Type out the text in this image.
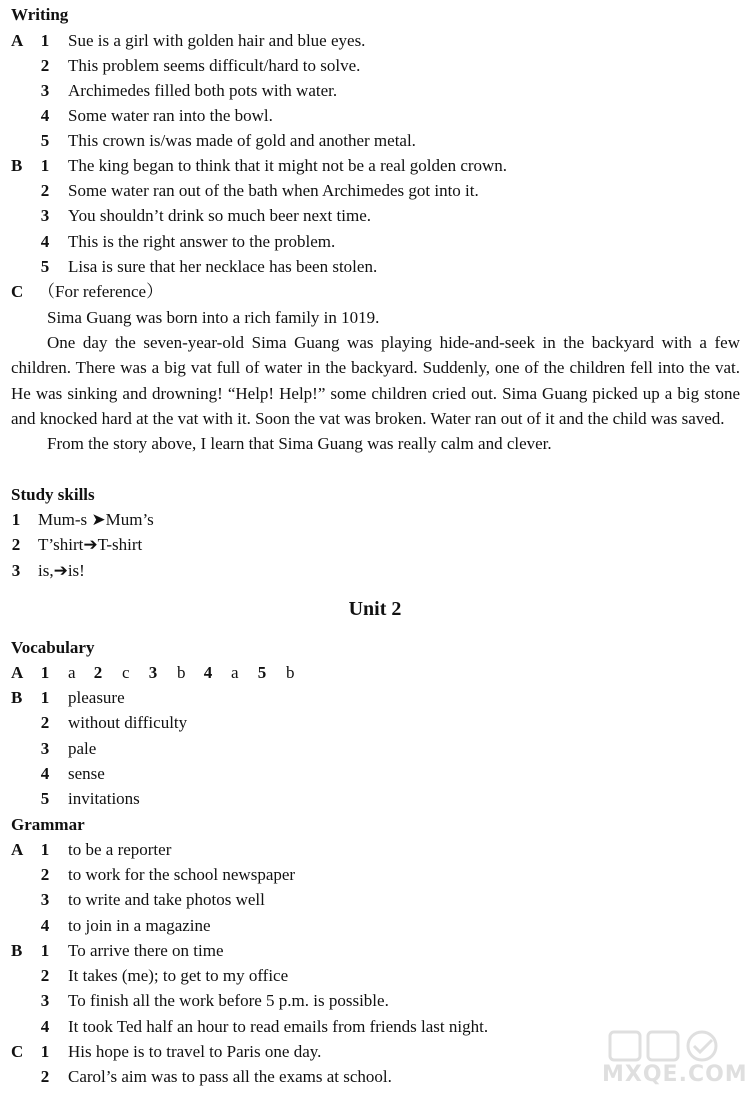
Writing
A 1 Sue is a girl with golden hair and blue eyes.
2 This problem seems difficult/hard to solve.
3 Archimedes filled both pots with water.
4 Some water ran into the bowl.
5 This crown is/was made of gold and another metal.
B 1 The king began to think that it might not be a real golden crown.
2 Some water ran out of the bath when Archimedes got into it.
3 You shouldn’t drink so much beer next time.
4 This is the right answer to the problem.
5 Lisa is sure that her necklace has been stolen.
C （For reference）

Sima Guang was born into a rich family in 1019.

One day the seven-year-old Sima Guang was playing hide-and-seek in the backyard with a few children. There was a big vat full of water in the backyard. Suddenly, one of the children fell into the vat. He was sinking and drowning! “Help! Help!” some children cried out. Sima Guang picked up a big stone and knocked hard at the vat with it. Soon the vat was broken. Water ran out of it and the child was saved.

From the story above, I learn that Sima Guang was really calm and clever.

Study skills
1 Mum-s ➤Mum’s
2 T’shirt➔T-shirt
3 is,➔is!
Unit 2
Vocabulary
A 1 a 2 c 3 b 4 a 5 b
B 1 pleasure
2 without difficulty
3 pale
4 sense
5 invitations
Grammar
A 1 to be a reporter
2 to work for the school newspaper
3 to write and take photos well
4 to join in a magazine
B 1 To arrive there on time
2 It takes (me); to get to my office
3 To finish all the work before 5 p.m. is possible.
4 It took Ted half an hour to read emails from friends last night.
C 1 His hope is to travel to Paris one day.
2 Carol’s aim was to pass all the exams at school.	MXQE.COM
